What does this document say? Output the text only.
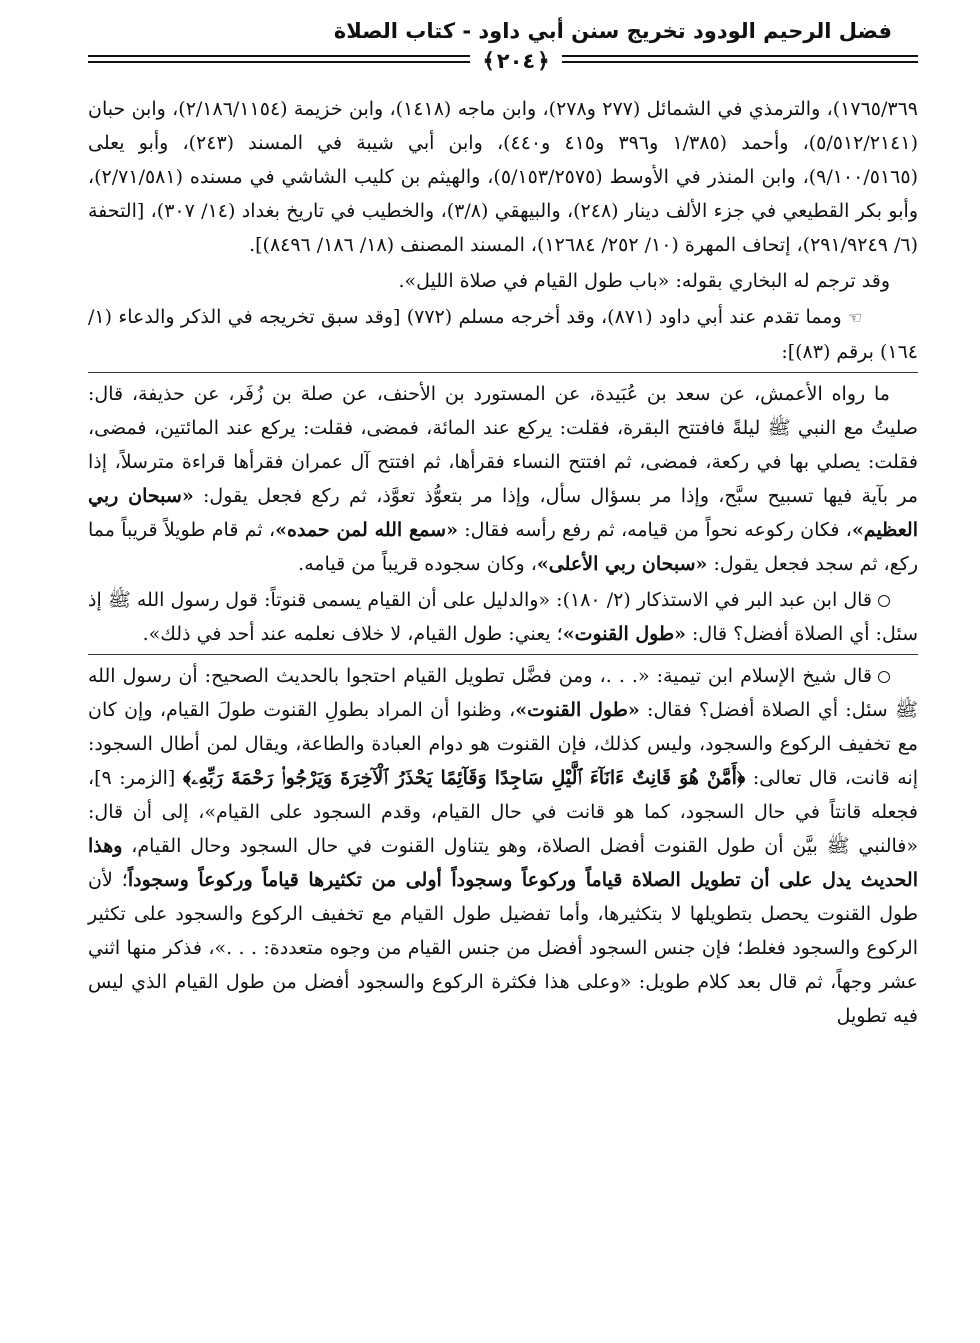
فضل الرحيم الودود تخريج سنن أبي داود - كتاب الصلاة
﴿٢٠٤﴾

١٧٦٥/٣٦٩)، والترمذي في الشمائل (٢٧٧ و٢٧٨)، وابن ماجه (١٤١٨)، وابن خزيمة (٢/١٨٦/١١٥٤)، وابن حبان (٥/٥١٢/٢١٤١)، وأحمد (١/٣٨٥ و٣٩٦ و٤١٥ و٤٤٠)، وابن أبي شيبة في المسند (٢٤٣)، وأبو يعلى (٩/١٠٠/٥١٦٥)، وابن المنذر في الأوسط (٥/١٥٣/٢٥٧٥)، والهيثم بن كليب الشاشي في مسنده (٢/٧١/٥٨١)، وأبو بكر القطيعي في جزء الألف دينار (٢٤٨)، والبيهقي (٣/٨)، والخطيب في تاريخ بغداد (١٤/ ٣٠٧)، [التحفة (٦/ ٢٩١/٩٢٤٩)، إتحاف المهرة (١٠/ ٢٥٢/ ١٢٦٨٤)، المسند المصنف (١٨/ ١٨٦/ ٨٤٩٦)].

وقد ترجم له البخاري بقوله: «باب طول القيام في صلاة الليل».

☜ومما تقدم عند أبي داود (٨٧١)، وقد أخرجه مسلم (٧٧٢) [وقد سبق تخريجه في الذكر والدعاء (١/ ١٦٤) برقم (٨٣)]:

ما رواه الأعمش، عن سعد بن عُبَيدة، عن المستورد بن الأحنف، عن صلة بن زُفَر، عن حذيفة، قال: صليتُ مع النبي ﷺ ليلةً فافتتح البقرة، فقلت: يركع عند المائة، فمضى، فقلت: يركع عند المائتين، فمضى، فقلت: يصلي بها في ركعة، فمضى، ثم افتتح النساء فقرأها، ثم افتتح آل عمران فقرأها قراءة مترسلاً، إذا مر بآية فيها تسبيح سبَّح، وإذا مر بسؤال سأل، وإذا مر بتعوُّذ تعوَّذ، ثم ركع فجعل يقول: «سبحان ربي العظيم»، فكان ركوعه نحواً من قيامه، ثم رفع رأسه فقال: «سمع الله لمن حمده»، ثم قام طويلاً قريباً مما ركع، ثم سجد فجعل يقول: «سبحان ربي الأعلى»، وكان سجوده قريباً من قيامه.

قال ابن عبد البر في الاستذكار (٢/ ١٨٠): «والدليل على أن القيام يسمى قنوتاً: قول رسول الله ﷺ إذ سئل: أي الصلاة أفضل؟ قال: «طول القنوت»؛ يعني: طول القيام، لا خلاف نعلمه عند أحد في ذلك».

قال شيخ الإسلام ابن تيمية: «. . .، ومن فضَّل تطويل القيام احتجوا بالحديث الصحيح: أن رسول الله ﷺ سئل: أي الصلاة أفضل؟ فقال: «طول القنوت»، وظنوا أن المراد بطولِ القنوت طولَ القيام، وإن كان مع تخفيف الركوع والسجود، وليس كذلك، فإن القنوت هو دوام العبادة والطاعة، ويقال لمن أطال السجود: إنه قانت، قال تعالى: ﴿أَمَّنْ هُوَ قَانِتٌ ءَانَآءَ ٱلَّيْلِ سَاجِدًا وَقَآئِمًا يَحْذَرُ ٱلْآخِرَةَ وَيَرْجُوا۟ رَحْمَةَ رَبِّهِۦ﴾ [الزمر: ٩]، فجعله قانتاً في حال السجود، كما هو قانت في حال القيام، وقدم السجود على القيام»، إلى أن قال: «فالنبي ﷺ بيَّن أن طول القنوت أفضل الصلاة، وهو يتناول القنوت في حال السجود وحال القيام، وهذا الحديث يدل على أن تطويل الصلاة قياماً وركوعاً وسجوداً أولى من تكثيرها قياماً وركوعاً وسجوداً؛ لأن طول القنوت يحصل بتطويلها لا بتكثيرها، وأما تفضيل طول القيام مع تخفيف الركوع والسجود على تكثير الركوع والسجود فغلط؛ فإن جنس السجود أفضل من جنس القيام من وجوه متعددة: . . .»، فذكر منها اثني عشر وجهاً، ثم قال بعد كلام طويل: «وعلى هذا فكثرة الركوع والسجود أفضل من طول القيام الذي ليس فيه تطويل
